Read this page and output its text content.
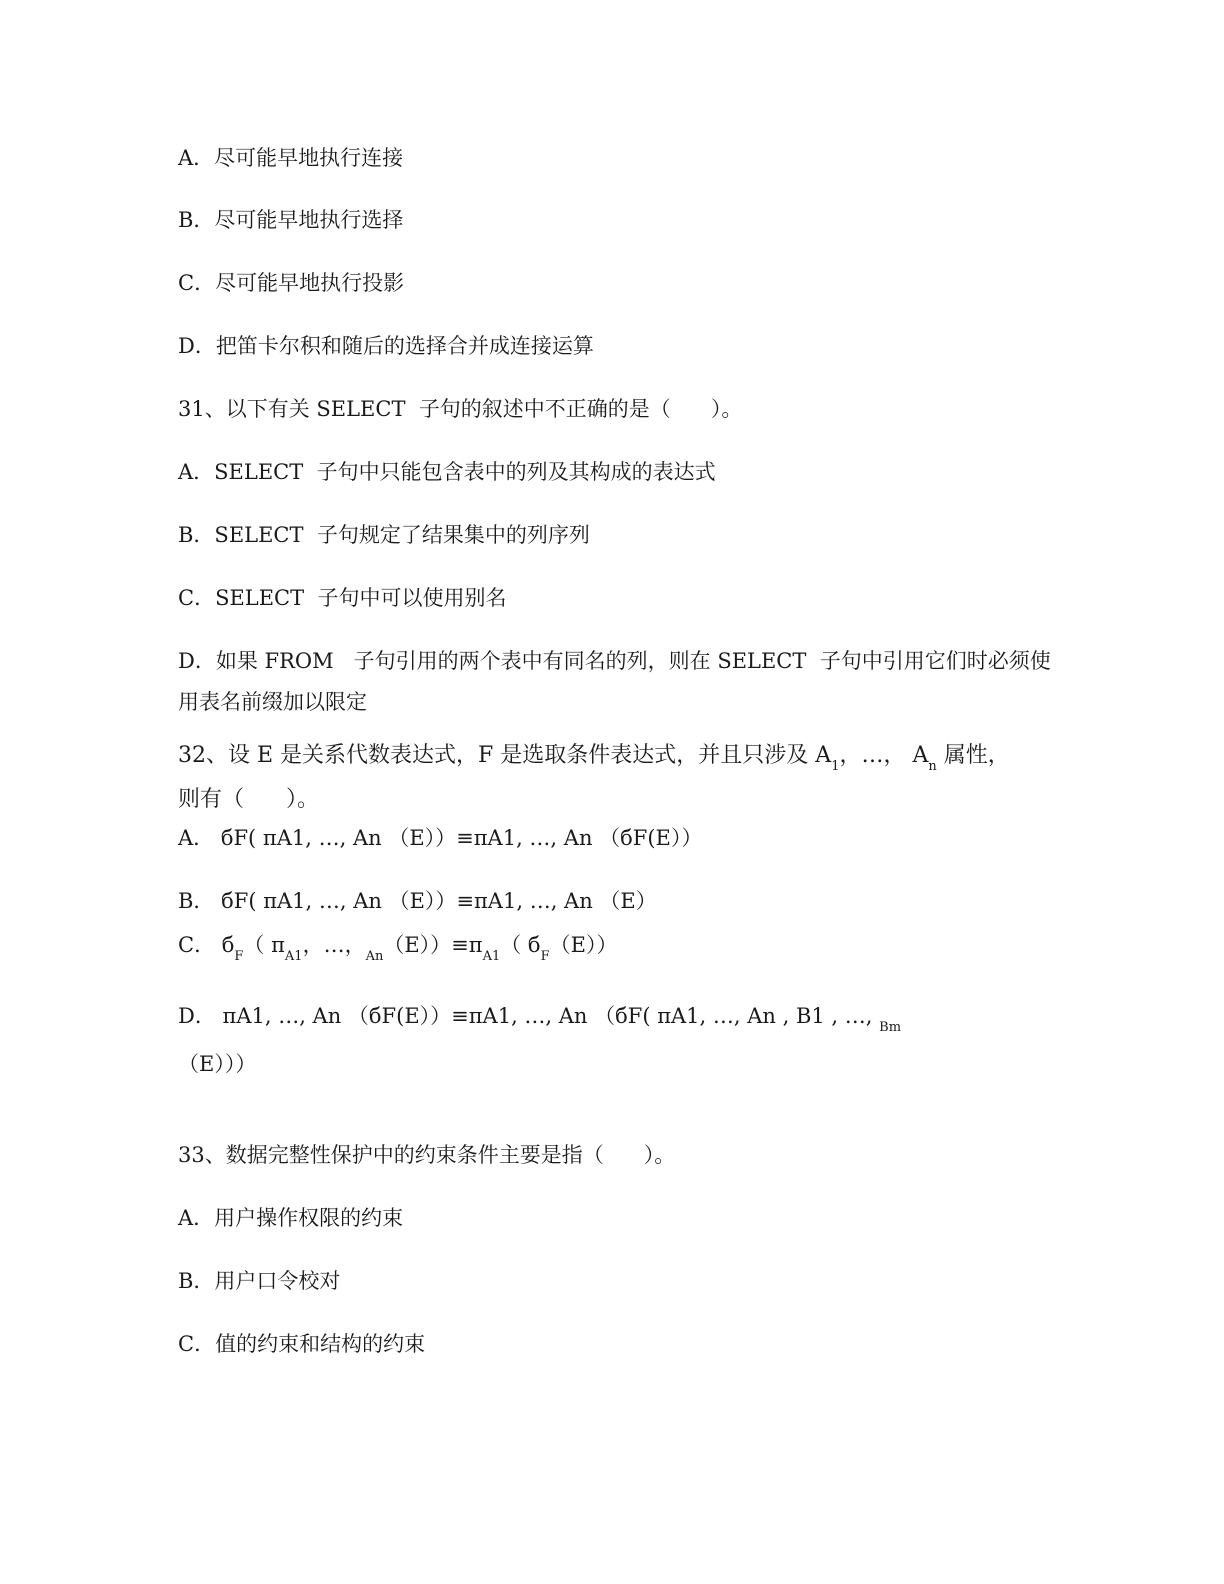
A．尽可能早地执行连接
B．尽可能早地执行选择
C．尽可能早地执行投影
D．把笛卡尔积和随后的选择合并成连接运算
31、以下有关 SELECT  子句的叙述中不正确的是（      ）。
A．SELECT  子句中只能包含表中的列及其构成的表达式
B．SELECT  子句规定了结果集中的列序列
C．SELECT  子句中可以使用别名
D．如果 FROM   子句引用的两个表中有同名的列，则在 SELECT  子句中引用它们时必须使
用表名前缀加以限定
32、设 E 是关系代数表达式，F 是选取条件表达式，并且只涉及 $A_1$，…， $A_n$ 属性，
则有（      ）。
A． бF( πA1, …, An （E））≡πA1, …, An （бF(E））
B． бF( πA1, …, An （E））≡πA1, …, An （E）
C． $б_F$（ $\pi_{A1}$，…，$_{An}(E))\equiv\pi_{A1}$（ $б_F(E)$）
D． πA1, …, An （бF(E））≡πA1, …, An （бF( πA1, …, An , B1 , …, $_{Bm}$
（E）））
33、数据完整性保护中的约束条件主要是指（      ）。
A．用户操作权限的约束
B．用户口令校对
C．值的约束和结构的约束
